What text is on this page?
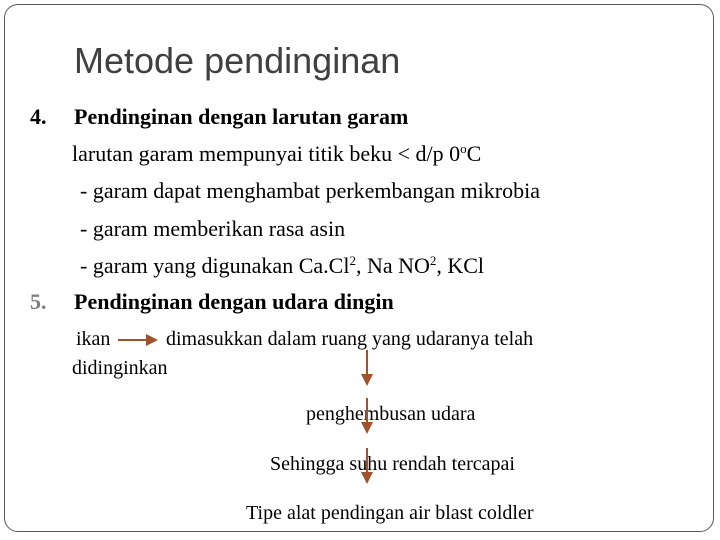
Metode pendinginan
4. Pendinginan dengan larutan garam
larutan garam mempunyai titik beku < d/p 0$^o$C
- garam dapat menghambat perkembangan mikrobia
- garam memberikan rasa asin
- garam yang digunakan Ca.Cl$^2$, Na $NO^2$, KCl
5. Pendinginan dengan udara dingin
ikan	dimasukkan dalam ruang yang udaranya telah
didinginkan
penghembusan udara
Sehingga suhu rendah tercapai
Tipe alat pendingan air blast coldler
